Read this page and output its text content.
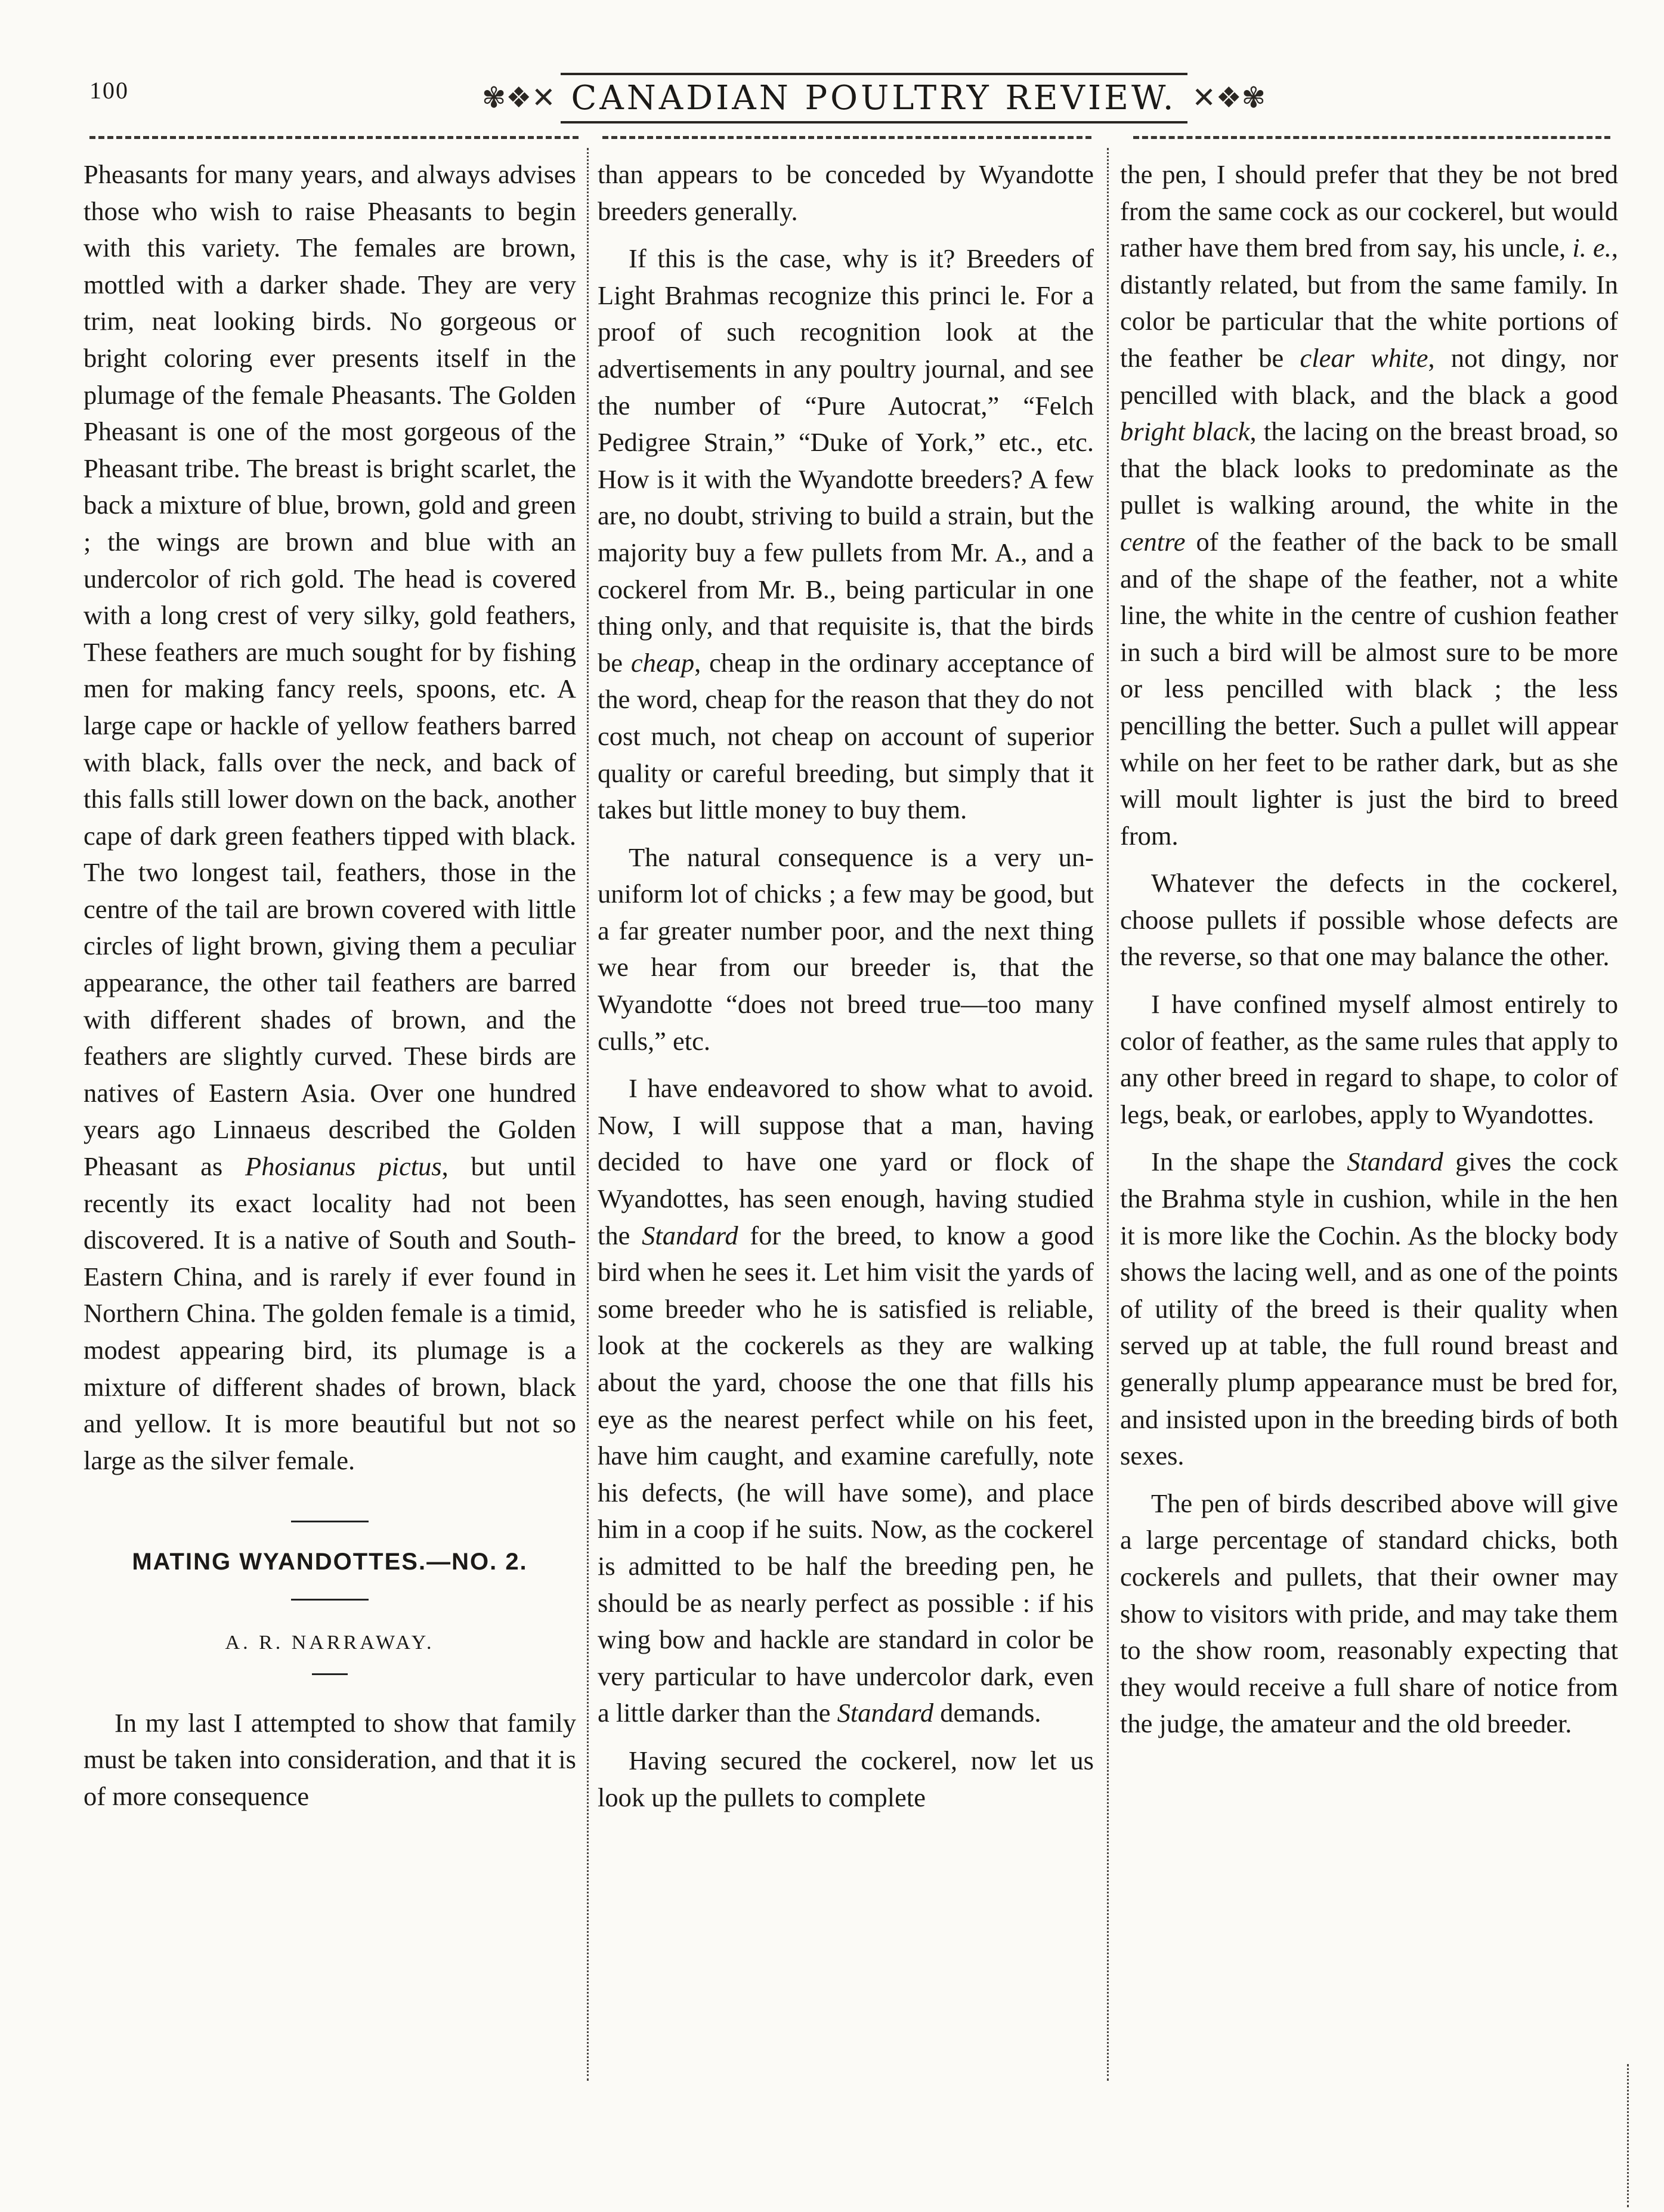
100	✾❖✕ CANADIAN POULTRY REVIEW. ✕❖✾

Pheasants for many years, and always advises those who wish to raise Pheasants to begin with this variety. The females are brown, mottled with a darker shade. They are very trim, neat looking birds. No gorgeous or bright coloring ever presents itself in the plumage of the female Pheasants. The Golden Pheasant is one of the most gorgeous of the Pheasant tribe. The breast is bright scarlet, the back a mixture of blue, brown, gold and green ; the wings are brown and blue with an undercolor of rich gold. The head is covered with a long crest of very silky, gold feathers, These feathers are much sought for by fishing men for making fancy reels, spoons, etc. A large cape or hackle of yellow feathers barred with black, falls over the neck, and back of this falls still lower down on the back, another cape of dark green feathers tipped with black. The two longest tail, feathers, those in the centre of the tail are brown covered with little circles of light brown, giving them a peculiar appearance, the other tail feathers are barred with different shades of brown, and the feathers are slightly curved. These birds are natives of Eastern Asia. Over one hundred years ago Linnaeus described the Golden Pheasant as Phosianus pictus, but until recently its exact locality had not been discovered. It is a native of South and South-Eastern China, and is rarely if ever found in Northern China. The golden female is a timid, modest appearing bird, its plumage is a mixture of different shades of brown, black and yellow. It is more beautiful but not so large as the silver female.

MATING WYANDOTTES.—NO. 2.
A. R. NARRAWAY.

In my last I attempted to show that family must be taken into consideration, and that it is of more consequence

than appears to be conceded by Wyandotte breeders generally.

If this is the case, why is it? Breeders of Light Brahmas recognize this princi le. For a proof of such recognition look at the advertisements in any poultry journal, and see the number of “Pure Autocrat,” “Felch Pedigree Strain,” “Duke of York,” etc., etc. How is it with the Wyandotte breeders? A few are, no doubt, striving to build a strain, but the majority buy a few pullets from Mr. A., and a cockerel from Mr. B., being particular in one thing only, and that requisite is, that the birds be cheap, cheap in the ordinary acceptance of the word, cheap for the reason that they do not cost much, not cheap on account of superior quality or careful breeding, but simply that it takes but little money to buy them.

The natural consequence is a very un-uniform lot of chicks ; a few may be good, but a far greater number poor, and the next thing we hear from our breeder is, that the Wyandotte “does not breed true—too many culls,” etc.

I have endeavored to show what to avoid. Now, I will suppose that a man, having decided to have one yard or flock of Wyandottes, has seen enough, having studied the Standard for the breed, to know a good bird when he sees it. Let him visit the yards of some breeder who he is satisfied is reliable, look at the cockerels as they are walking about the yard, choose the one that fills his eye as the nearest perfect while on his feet, have him caught, and examine carefully, note his defects, (he will have some), and place him in a coop if he suits. Now, as the cockerel is admitted to be half the breeding pen, he should be as nearly perfect as possible : if his wing bow and hackle are standard in color be very particular to have undercolor dark, even a little darker than the Standard demands.

Having secured the cockerel, now let us look up the pullets to complete

the pen, I should prefer that they be not bred from the same cock as our cockerel, but would rather have them bred from say, his uncle, i. e., distantly related, but from the same family. In color be particular that the white portions of the feather be clear white, not dingy, nor pencilled with black, and the black a good bright black, the lacing on the breast broad, so that the black looks to predominate as the pullet is walking around, the white in the centre of the feather of the back to be small and of the shape of the feather, not a white line, the white in the centre of cushion feather in such a bird will be almost sure to be more or less pencilled with black ; the less pencilling the better. Such a pullet will appear while on her feet to be rather dark, but as she will moult lighter is just the bird to breed from.

Whatever the defects in the cockerel, choose pullets if possible whose defects are the reverse, so that one may balance the other.

I have confined myself almost entirely to color of feather, as the same rules that apply to any other breed in regard to shape, to color of legs, beak, or earlobes, apply to Wyandottes.

In the shape the Standard gives the cock the Brahma style in cushion, while in the hen it is more like the Cochin. As the blocky body shows the lacing well, and as one of the points of utility of the breed is their quality when served up at table, the full round breast and generally plump appearance must be bred for, and insisted upon in the breeding birds of both sexes.

The pen of birds described above will give a large percentage of standard chicks, both cockerels and pullets, that their owner may show to visitors with pride, and may take them to the show room, reasonably expecting that they would receive a full share of notice from the judge, the amateur and the old breeder.
